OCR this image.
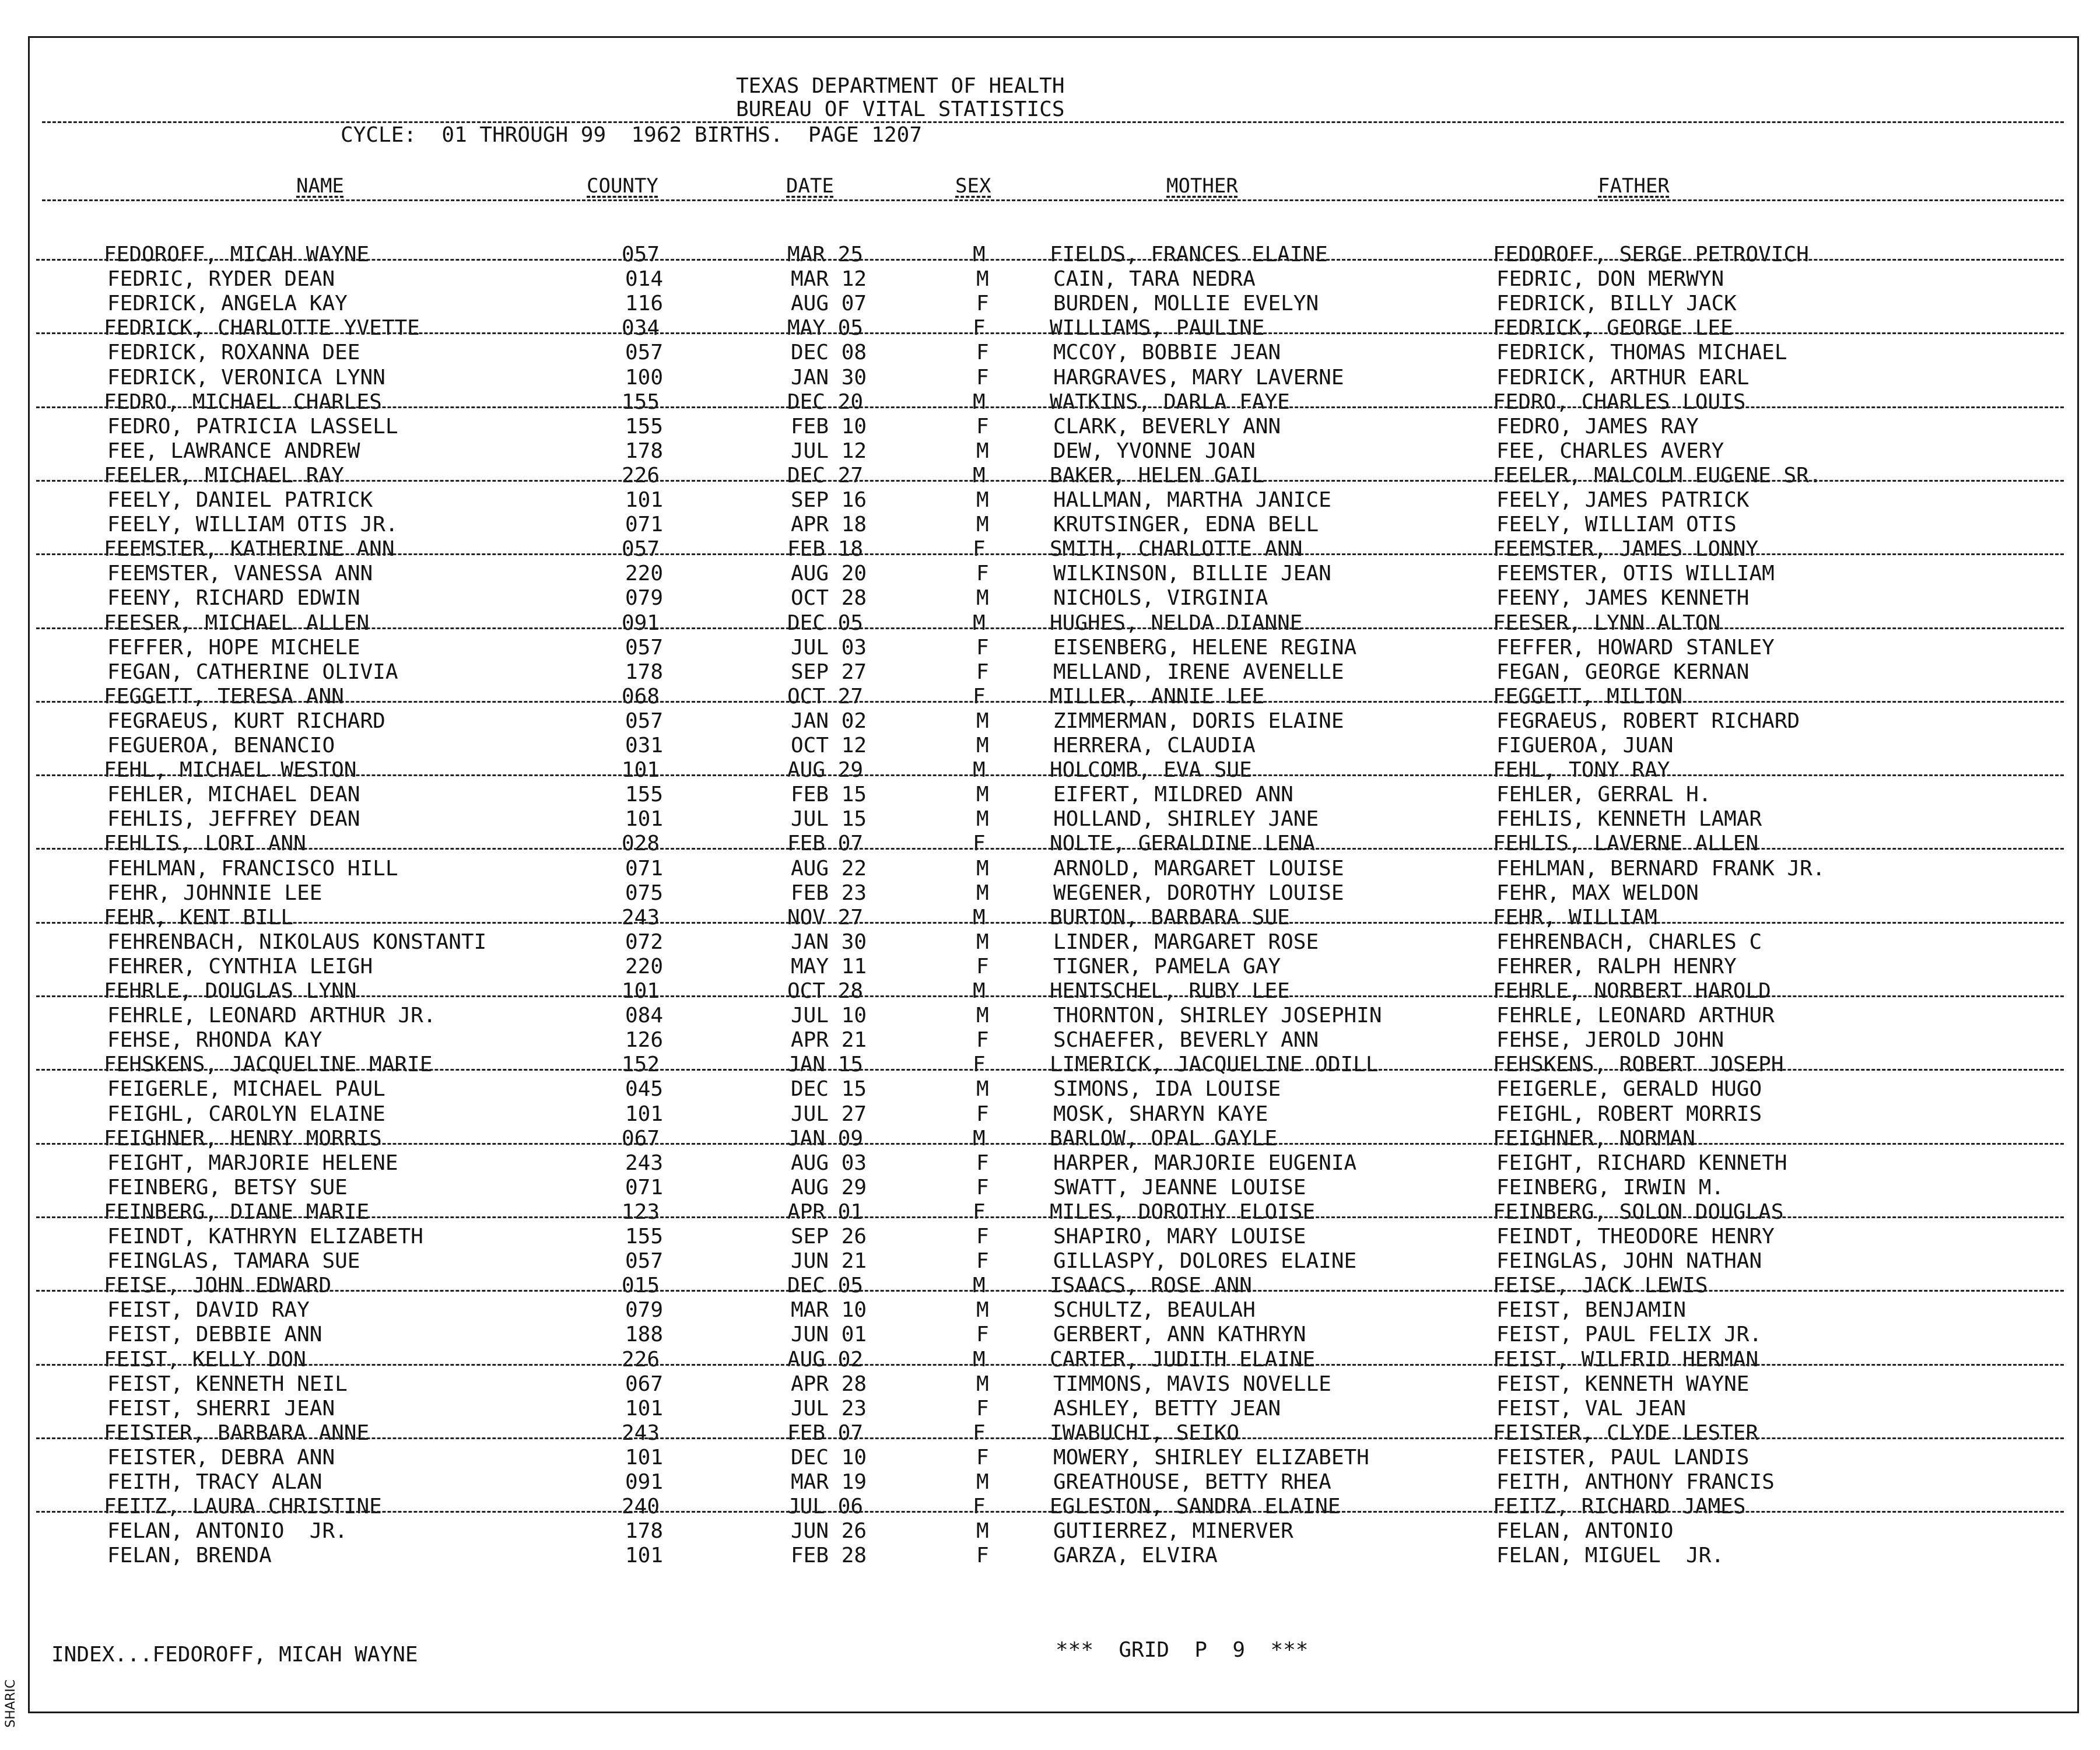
SHARIC
TEXAS DEPARTMENT OF HEALTH
BUREAU OF VITAL STATISTICS
CYCLE:  01 THROUGH 99  1962 BIRTHS.  PAGE 1207
NAME	COUNTY	DATE	SEX	MOTHER	FATHER
FEDOROFF, MICAH WAYNE	057	MAR 25	M	FIELDS, FRANCES ELAINE	FEDOROFF, SERGE PETROVICH
FEDRIC, RYDER DEAN	014	MAR 12	M	CAIN, TARA NEDRA	FEDRIC, DON MERWYN
FEDRICK, ANGELA KAY	116	AUG 07	F	BURDEN, MOLLIE EVELYN	FEDRICK, BILLY JACK
FEDRICK, CHARLOTTE YVETTE	034	MAY 05	F	WILLIAMS, PAULINE	FEDRICK, GEORGE LEE
FEDRICK, ROXANNA DEE	057	DEC 08	F	MCCOY, BOBBIE JEAN	FEDRICK, THOMAS MICHAEL
FEDRICK, VERONICA LYNN	100	JAN 30	F	HARGRAVES, MARY LAVERNE	FEDRICK, ARTHUR EARL
FEDRO, MICHAEL CHARLES	155	DEC 20	M	WATKINS, DARLA FAYE	FEDRO, CHARLES LOUIS
FEDRO, PATRICIA LASSELL	155	FEB 10	F	CLARK, BEVERLY ANN	FEDRO, JAMES RAY
FEE, LAWRANCE ANDREW	178	JUL 12	M	DEW, YVONNE JOAN	FEE, CHARLES AVERY
FEELER, MICHAEL RAY	226	DEC 27	M	BAKER, HELEN GAIL	FEELER, MALCOLM EUGENE SR.
FEELY, DANIEL PATRICK	101	SEP 16	M	HALLMAN, MARTHA JANICE	FEELY, JAMES PATRICK
FEELY, WILLIAM OTIS JR.	071	APR 18	M	KRUTSINGER, EDNA BELL	FEELY, WILLIAM OTIS
FEEMSTER, KATHERINE ANN	057	FEB 18	F	SMITH, CHARLOTTE ANN	FEEMSTER, JAMES LONNY
FEEMSTER, VANESSA ANN	220	AUG 20	F	WILKINSON, BILLIE JEAN	FEEMSTER, OTIS WILLIAM
FEENY, RICHARD EDWIN	079	OCT 28	M	NICHOLS, VIRGINIA	FEENY, JAMES KENNETH
FEESER, MICHAEL ALLEN	091	DEC 05	M	HUGHES, NELDA DIANNE	FEESER, LYNN ALTON
FEFFER, HOPE MICHELE	057	JUL 03	F	EISENBERG, HELENE REGINA	FEFFER, HOWARD STANLEY
FEGAN, CATHERINE OLIVIA	178	SEP 27	F	MELLAND, IRENE AVENELLE	FEGAN, GEORGE KERNAN
FEGGETT, TERESA ANN	068	OCT 27	F	MILLER, ANNIE LEE	FEGGETT, MILTON
FEGRAEUS, KURT RICHARD	057	JAN 02	M	ZIMMERMAN, DORIS ELAINE	FEGRAEUS, ROBERT RICHARD
FEGUEROA, BENANCIO	031	OCT 12	M	HERRERA, CLAUDIA	FIGUEROA, JUAN
FEHL, MICHAEL WESTON	101	AUG 29	M	HOLCOMB, EVA SUE	FEHL, TONY RAY
FEHLER, MICHAEL DEAN	155	FEB 15	M	EIFERT, MILDRED ANN	FEHLER, GERRAL H.
FEHLIS, JEFFREY DEAN	101	JUL 15	M	HOLLAND, SHIRLEY JANE	FEHLIS, KENNETH LAMAR
FEHLIS, LORI ANN	028	FEB 07	F	NOLTE, GERALDINE LENA	FEHLIS, LAVERNE ALLEN
FEHLMAN, FRANCISCO HILL	071	AUG 22	M	ARNOLD, MARGARET LOUISE	FEHLMAN, BERNARD FRANK JR.
FEHR, JOHNNIE LEE	075	FEB 23	M	WEGENER, DOROTHY LOUISE	FEHR, MAX WELDON
FEHR, KENT BILL	243	NOV 27	M	BURTON, BARBARA SUE	FEHR, WILLIAM
FEHRENBACH, NIKOLAUS KONSTANTI	072	JAN 30	M	LINDER, MARGARET ROSE	FEHRENBACH, CHARLES C
FEHRER, CYNTHIA LEIGH	220	MAY 11	F	TIGNER, PAMELA GAY	FEHRER, RALPH HENRY
FEHRLE, DOUGLAS LYNN	101	OCT 28	M	HENTSCHEL, RUBY LEE	FEHRLE, NORBERT HAROLD
FEHRLE, LEONARD ARTHUR JR.	084	JUL 10	M	THORNTON, SHIRLEY JOSEPHIN	FEHRLE, LEONARD ARTHUR
FEHSE, RHONDA KAY	126	APR 21	F	SCHAEFER, BEVERLY ANN	FEHSE, JEROLD JOHN
FEHSKENS, JACQUELINE MARIE	152	JAN 15	F	LIMERICK, JACQUELINE ODILL	FEHSKENS, ROBERT JOSEPH
FEIGERLE, MICHAEL PAUL	045	DEC 15	M	SIMONS, IDA LOUISE	FEIGERLE, GERALD HUGO
FEIGHL, CAROLYN ELAINE	101	JUL 27	F	MOSK, SHARYN KAYE	FEIGHL, ROBERT MORRIS
FEIGHNER, HENRY MORRIS	067	JAN 09	M	BARLOW, OPAL GAYLE	FEIGHNER, NORMAN
FEIGHT, MARJORIE HELENE	243	AUG 03	F	HARPER, MARJORIE EUGENIA	FEIGHT, RICHARD KENNETH
FEINBERG, BETSY SUE	071	AUG 29	F	SWATT, JEANNE LOUISE	FEINBERG, IRWIN M.
FEINBERG, DIANE MARIE	123	APR 01	F	MILES, DOROTHY ELOISE	FEINBERG, SOLON DOUGLAS
FEINDT, KATHRYN ELIZABETH	155	SEP 26	F	SHAPIRO, MARY LOUISE	FEINDT, THEODORE HENRY
FEINGLAS, TAMARA SUE	057	JUN 21	F	GILLASPY, DOLORES ELAINE	FEINGLAS, JOHN NATHAN
FEISE, JOHN EDWARD	015	DEC 05	M	ISAACS, ROSE ANN	FEISE, JACK LEWIS
FEIST, DAVID RAY	079	MAR 10	M	SCHULTZ, BEAULAH	FEIST, BENJAMIN
FEIST, DEBBIE ANN	188	JUN 01	F	GERBERT, ANN KATHRYN	FEIST, PAUL FELIX JR.
FEIST, KELLY DON	226	AUG 02	M	CARTER, JUDITH ELAINE	FEIST, WILFRID HERMAN
FEIST, KENNETH NEIL	067	APR 28	M	TIMMONS, MAVIS NOVELLE	FEIST, KENNETH WAYNE
FEIST, SHERRI JEAN	101	JUL 23	F	ASHLEY, BETTY JEAN	FEIST, VAL JEAN
FEISTER, BARBARA ANNE	243	FEB 07	F	IWABUCHI, SEIKO	FEISTER, CLYDE LESTER
FEISTER, DEBRA ANN	101	DEC 10	F	MOWERY, SHIRLEY ELIZABETH	FEISTER, PAUL LANDIS
FEITH, TRACY ALAN	091	MAR 19	M	GREATHOUSE, BETTY RHEA	FEITH, ANTHONY FRANCIS
FEITZ, LAURA CHRISTINE	240	JUL 06	F	EGLESTON, SANDRA ELAINE	FEITZ, RICHARD JAMES
FELAN, ANTONIO  JR.	178	JUN 26	M	GUTIERREZ, MINERVER	FELAN, ANTONIO
FELAN, BRENDA	101	FEB 28	F	GARZA, ELVIRA	FELAN, MIGUEL  JR.
INDEX...FEDOROFF, MICAH WAYNE	***  GRID  P  9  ***
